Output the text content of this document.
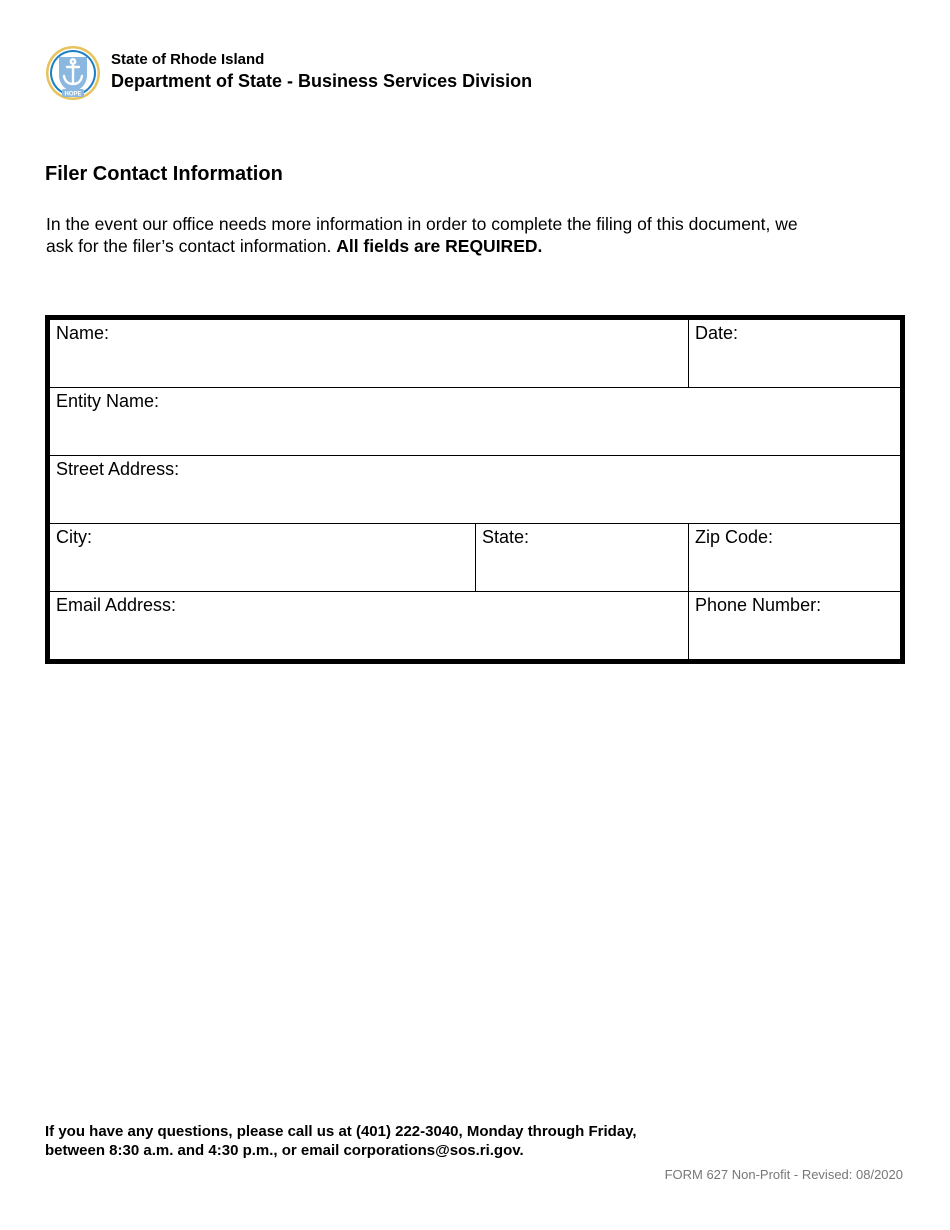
HOPE
State of Rhode Island
Department of State - Business Services Division
Filer Contact Information

In the event our office needs more information in order to complete the filing of this document, we ask for the filer’s contact information. All fields are REQUIRED.

Name:	Date:
Entity Name:
Street Address:
City:	State:	Zip Code:
Email Address:	Phone Number:

If you have any questions, please call us at (401) 222-3040, Monday through Friday,
between 8:30 a.m. and 4:30 p.m., or email corporations@sos.ri.gov.

FORM 627 Non-Profit - Revised: 08/2020
